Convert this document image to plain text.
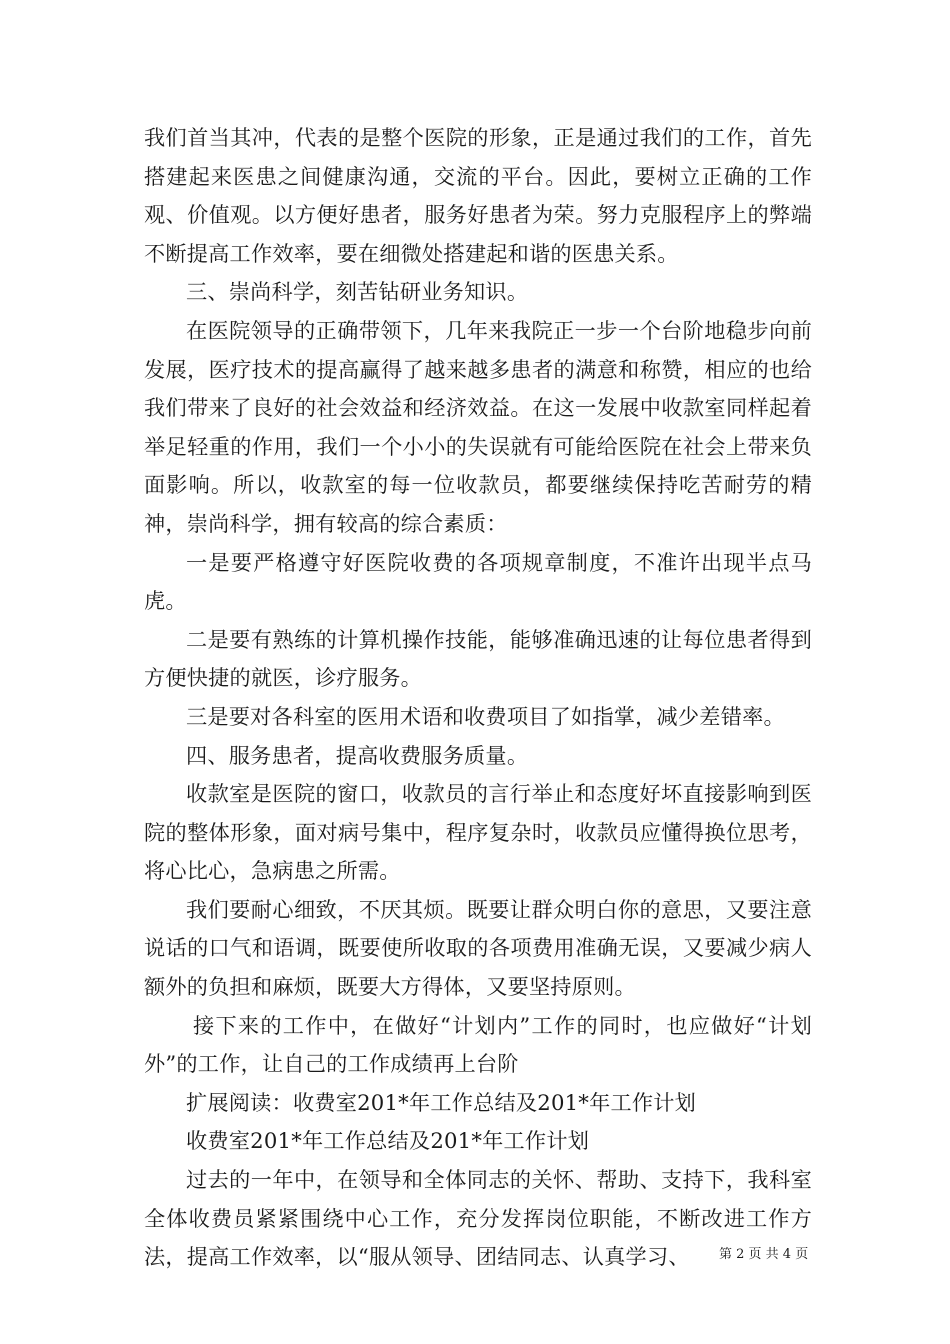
我们首当其冲，代表的是整个医院的形象，正是通过我们的工作，首先搭建起来医患之间健康沟通，交流的平台。因此，要树立正确的工作观、价值观。以方便好患者，服务好患者为荣。努力克服程序上的弊端不断提高工作效率，要在细微处搭建起和谐的医患关系。

三、崇尚科学，刻苦钻研业务知识。

在医院领导的正确带领下，几年来我院正一步一个台阶地稳步向前发展，医疗技术的提高赢得了越来越多患者的满意和称赞，相应的也给我们带来了良好的社会效益和经济效益。在这一发展中收款室同样起着举足轻重的作用，我们一个小小的失误就有可能给医院在社会上带来负面影响。所以，收款室的每一位收款员，都要继续保持吃苦耐劳的精神，崇尚科学，拥有较高的综合素质：

一是要严格遵守好医院收费的各项规章制度，不准许出现半点马虎。

二是要有熟练的计算机操作技能，能够准确迅速的让每位患者得到方便快捷的就医，诊疗服务。

三是要对各科室的医用术语和收费项目了如指掌，减少差错率。

四、服务患者，提高收费服务质量。

收款室是医院的窗口，收款员的言行举止和态度好坏直接影响到医院的整体形象，面对病号集中，程序复杂时，收款员应懂得换位思考，将心比心，急病患之所需。

我们要耐心细致，不厌其烦。既要让群众明白你的意思，又要注意说话的口气和语调，既要使所收取的各项费用准确无误，又要减少病人额外的负担和麻烦，既要大方得体，又要坚持原则。

接下来的工作中，在做好“计划内”工作的同时，也应做好“计划外”的工作，让自己的工作成绩再上台阶

扩展阅读：收费室201*年工作总结及201*年工作计划

收费室201*年工作总结及201*年工作计划

过去的一年中，在领导和全体同志的关怀、帮助、支持下，我科室全体收费员紧紧围绕中心工作，充分发挥岗位职能，不断改进工作方法，提高工作效率，以“服从领导、团结同志、认真学习、	第 2 页 共 4 页
